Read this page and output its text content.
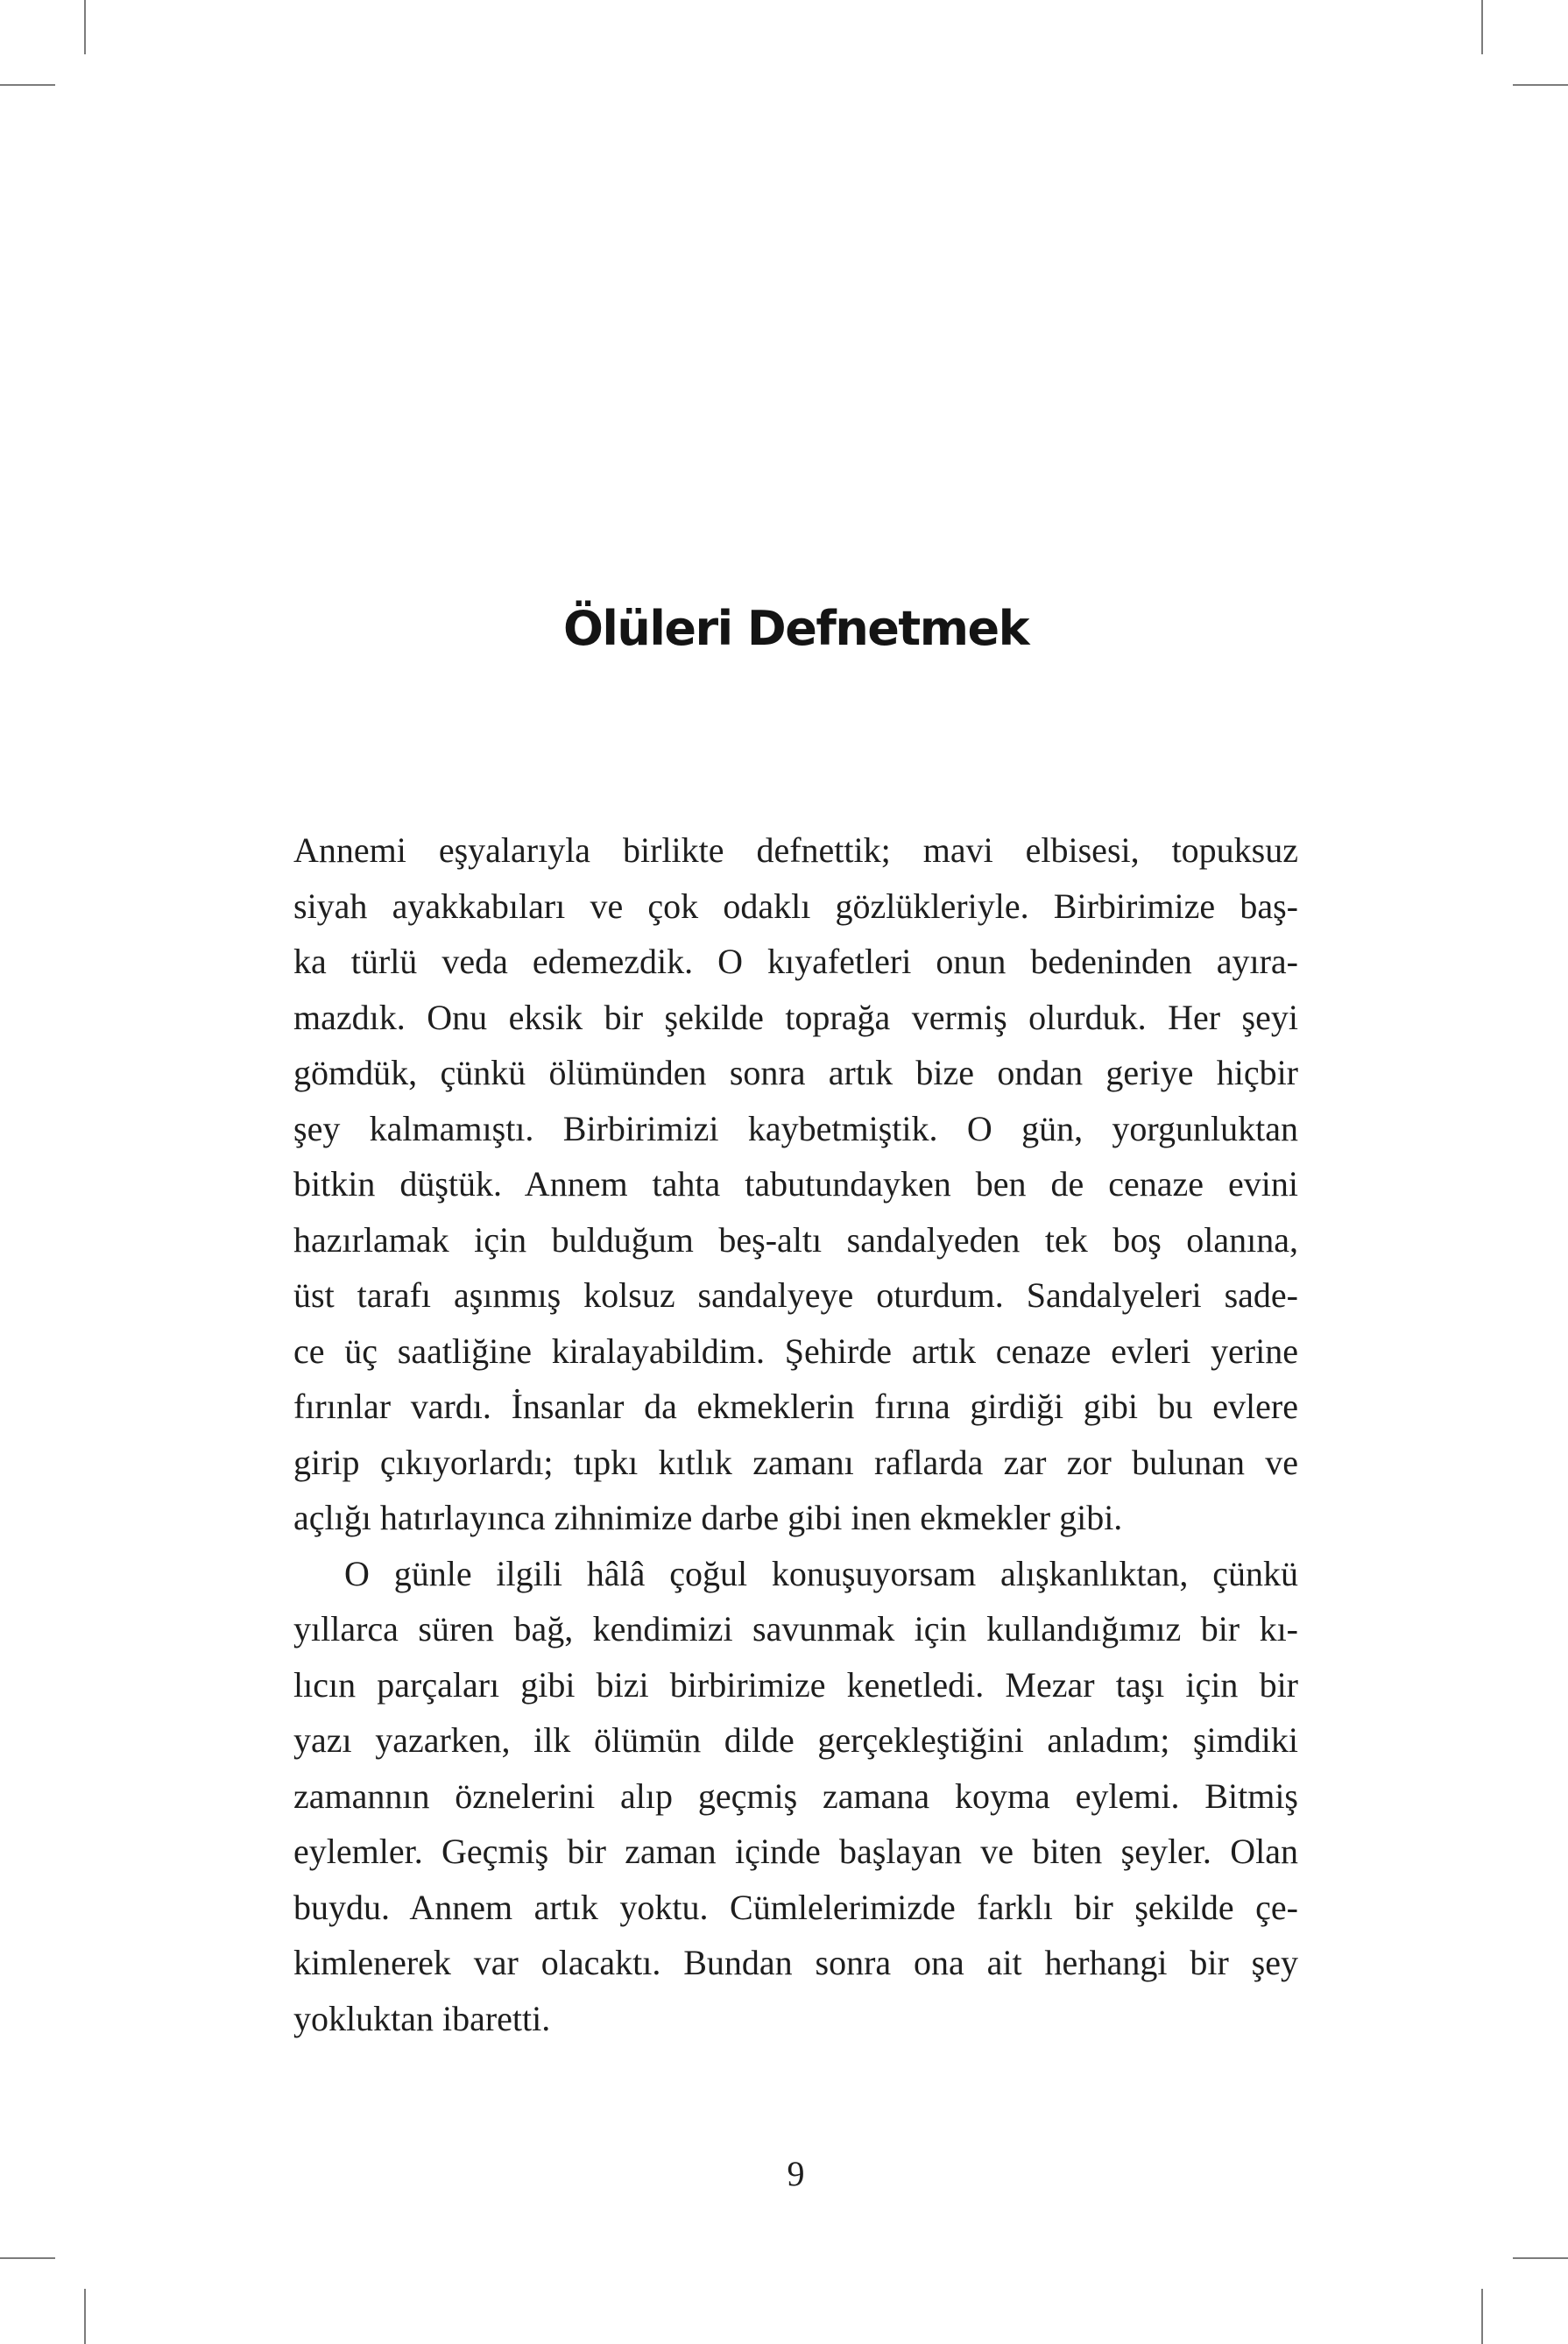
Ölüleri Defnetmek
Annemi eşyalarıyla birlikte defnettik; mavi elbisesi, topuksuz
siyah ayakkabıları ve çok odaklı gözlükleriyle. Birbirimize baş-
ka türlü veda edemezdik. O kıyafetleri onun bedeninden ayıra-
mazdık. Onu eksik bir şekilde toprağa vermiş olurduk. Her şeyi
gömdük, çünkü ölümünden sonra artık bize ondan geriye hiçbir
şey kalmamıştı. Birbirimizi kaybetmiştik. O gün, yorgunluktan
bitkin düştük. Annem tahta tabutundayken ben de cenaze evini
hazırlamak için bulduğum beş-altı sandalyeden tek boş olanına,
üst tarafı aşınmış kolsuz sandalyeye oturdum. Sandalyeleri sade-
ce üç saatliğine kiralayabildim. Şehirde artık cenaze evleri yerine
fırınlar vardı. İnsanlar da ekmeklerin fırına girdiği gibi bu evlere
girip çıkıyorlardı; tıpkı kıtlık zamanı raflarda zar zor bulunan ve
açlığı hatırlayınca zihnimize darbe gibi inen ekmekler gibi.
O günle ilgili hâlâ çoğul konuşuyorsam alışkanlıktan, çünkü
yıllarca süren bağ, kendimizi savunmak için kullandığımız bir kı-
lıcın parçaları gibi bizi birbirimize kenetledi. Mezar taşı için bir
yazı yazarken, ilk ölümün dilde gerçekleştiğini anladım; şimdiki
zamannın öznelerini alıp geçmiş zamana koyma eylemi. Bitmiş
eylemler. Geçmiş bir zaman içinde başlayan ve biten şeyler. Olan
buydu. Annem artık yoktu. Cümlelerimizde farklı bir şekilde çe-
kimlenerek var olacaktı. Bundan sonra ona ait herhangi bir şey
yokluktan ibaretti.
9
